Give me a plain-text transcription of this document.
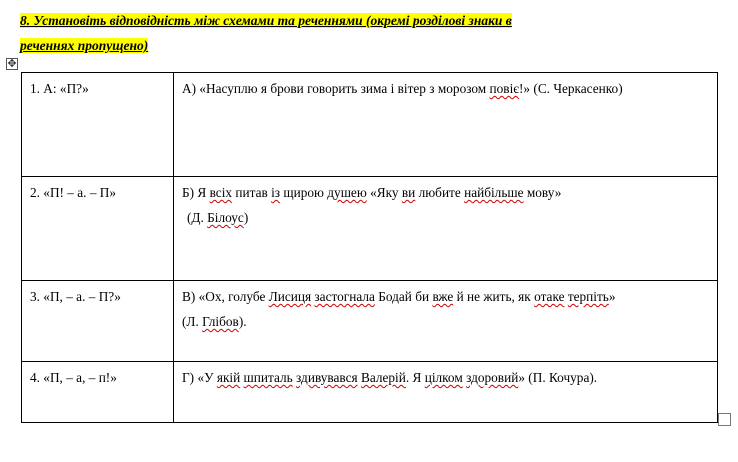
8. Установіть відповідність між схемами та реченнями (окремі розділові знаки в
реченнях пропущено)
✥
1. А: «П?»	А) «Насуплю я брови говорить зима і вітер з морозом повіє!» (С. Черкасенко)
2. «П! – а. – П»	Б) Я всіх питав із щирою душею «Яку ви любите найбільше мову»
(Д. Білоус)
3. «П, – а. – П?»	В) «Ох, голубе Лисиця застогнала Бодай би вже й не жить, як отаке терпіть»
(Л. Глібов).
4. «П, – а, – п!»	Г) «У якій шпиталь здивувався Валерій. Я цілком здоровий» (П. Кочура).
